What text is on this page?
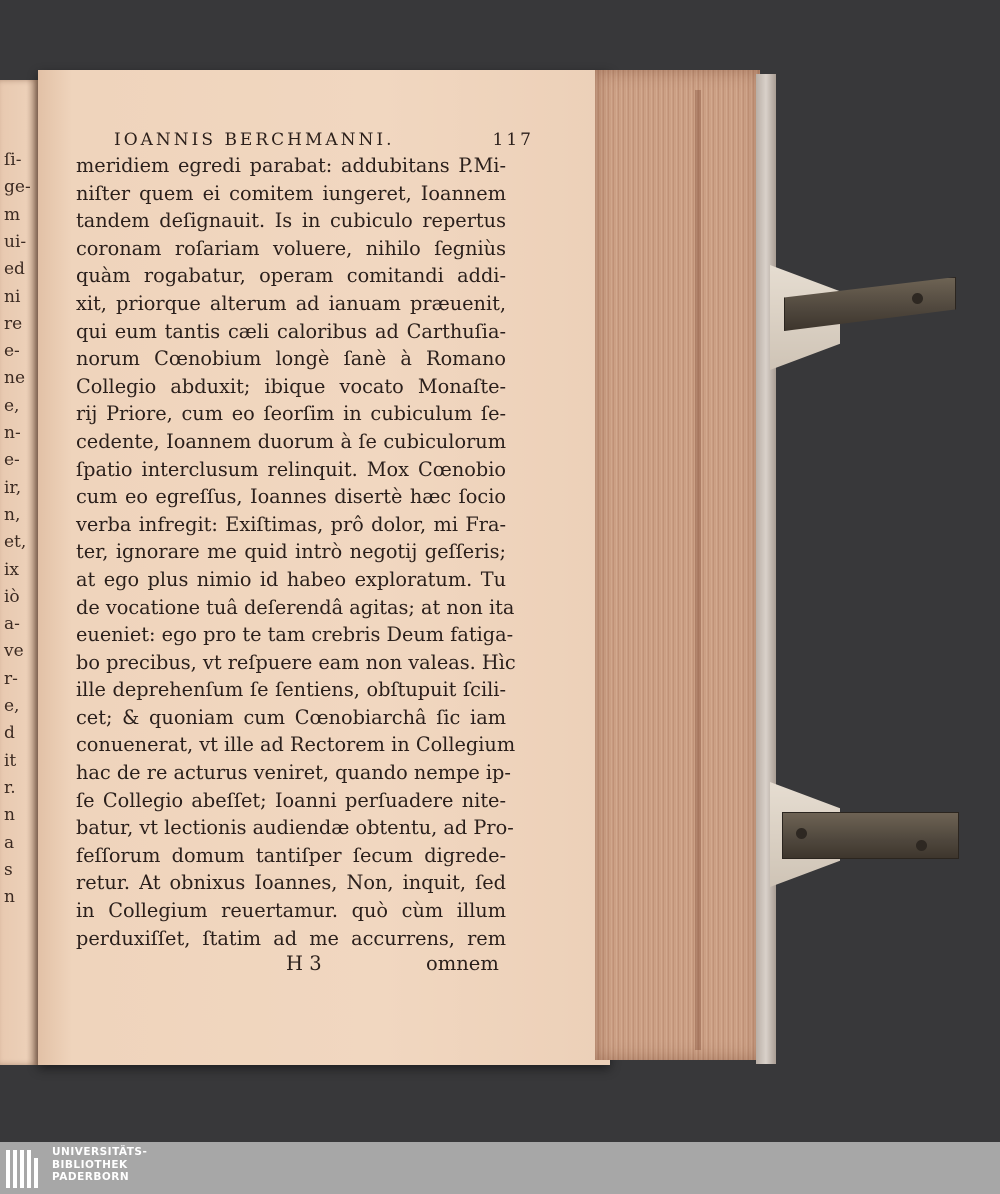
ſi-
ge-
m
ui-
ed
ni
re
e-
ne
e,
n-
e-
ir,
n,
et,
ix
iò
a-
ve
r-
e,
d
it
r.
n
a
s
n
IOANNIS BERCHMANNI.	117
meridiem egredi parabat: addubitans P.Mi-
niſter quem ei comitem iungeret, Ioannem
tandem deſignauit. Is in cubiculo repertus
coronam roſariam voluere, nihilo ſegniùs
quàm rogabatur, operam comitandi addi-
xit, priorque alterum ad ianuam præuenit,
qui eum tantis cæli caloribus ad Carthuſia-
norum Cœnobium longè ſanè à Romano
Collegio abduxit; ibique vocato Monaſte-
rij Priore, cum eo ſeorſim in cubiculum ſe-
cedente, Ioannem duorum à ſe cubiculorum
ſpatio interclusum relinquit. Mox Cœnobio
cum eo egreſſus, Ioannes disertè hæc ſocio
verba infregit: Exiſtimas, prô dolor, mi Fra-
ter, ignorare me quid intrò negotij geſſeris;
at ego plus nimio id habeo exploratum. Tu
de vocatione tuâ deſerendâ agitas; at non ita
eueniet: ego pro te tam crebris Deum fatiga-
bo precibus, vt reſpuere eam non valeas. Hìc
ille deprehenſum ſe ſentiens, obſtupuit ſcili-
cet; & quoniam cum Cœnobiarchâ ſic iam
conuenerat, vt ille ad Rectorem in Collegium
hac de re acturus veniret, quando nempe ip-
ſe Collegio abeſſet; Ioanni perſuadere nite-
batur, vt lectionis audiendæ obtentu, ad Pro-
feſſorum domum tantiſper ſecum digrede-
retur. At obnixus Ioannes, Non, inquit, ſed
in Collegium reuertamur. quò cùm illum
perduxiſſet, ſtatim ad me accurrens, rem
H 3	omnem
UNIVERSITÄTS-
BIBLIOTHEK
PADERBORN
